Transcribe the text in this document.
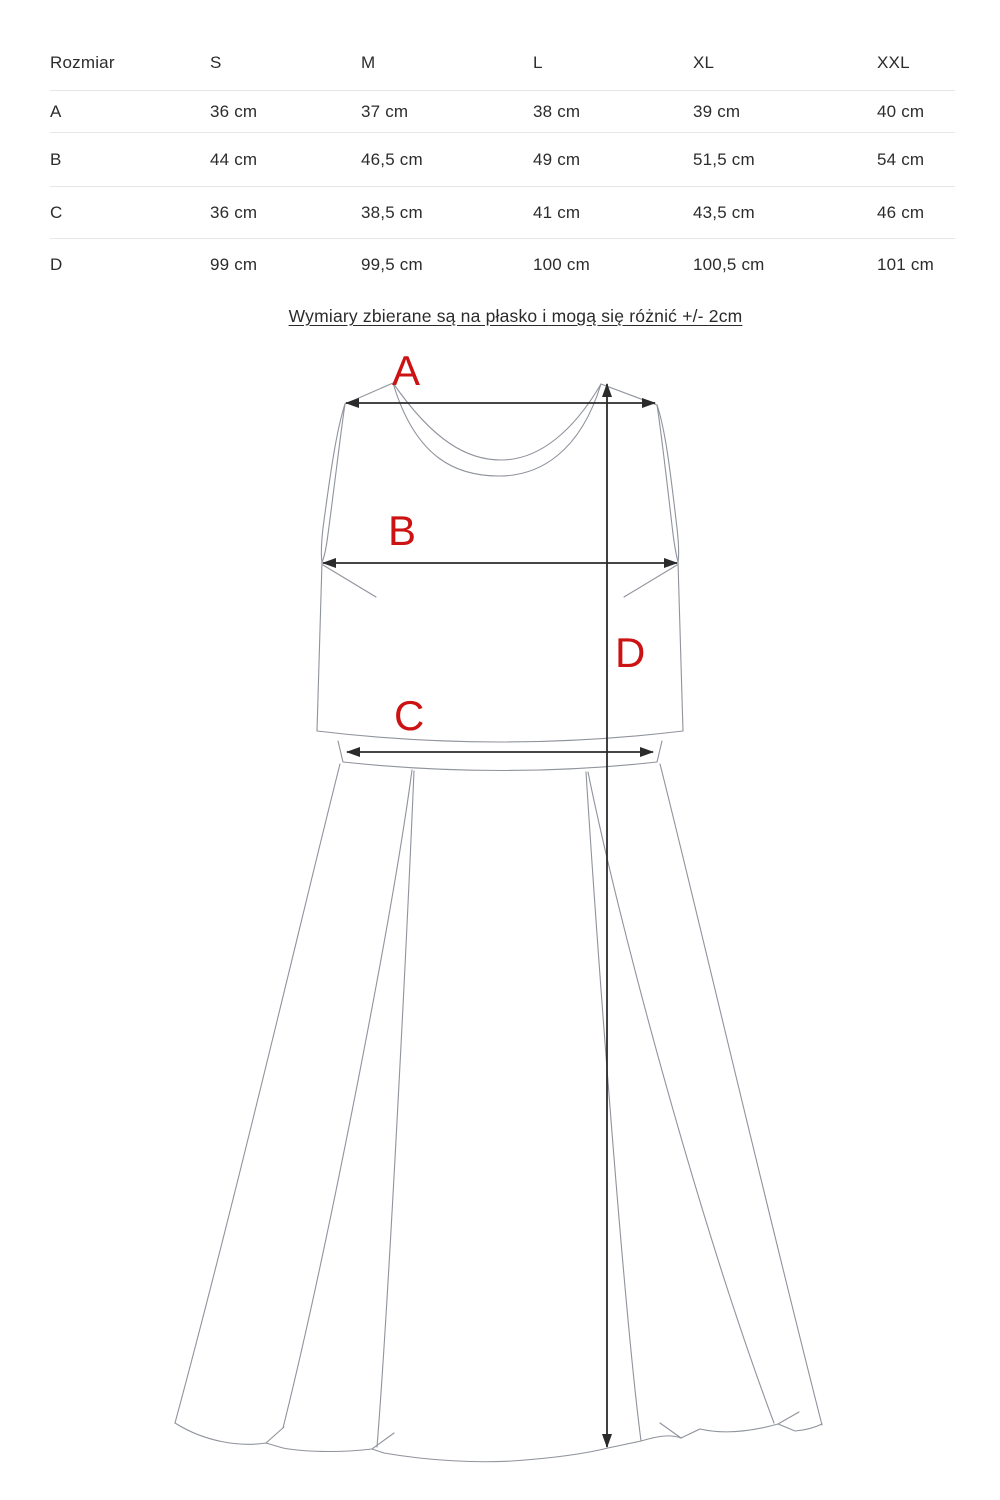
Rozmiar	S	M	L	XL	XXL
A	36 cm	37 cm	38 cm	39 cm	40 cm
B	44 cm	46,5 cm	49 cm	51,5 cm	54 cm
C	36 cm	38,5 cm	41 cm	43,5 cm	46 cm
D	99 cm	99,5 cm	100 cm	100,5 cm	101 cm
Wymiary zbierane są na płasko i mogą się różnić +/- 2cm
A
B
C
D
